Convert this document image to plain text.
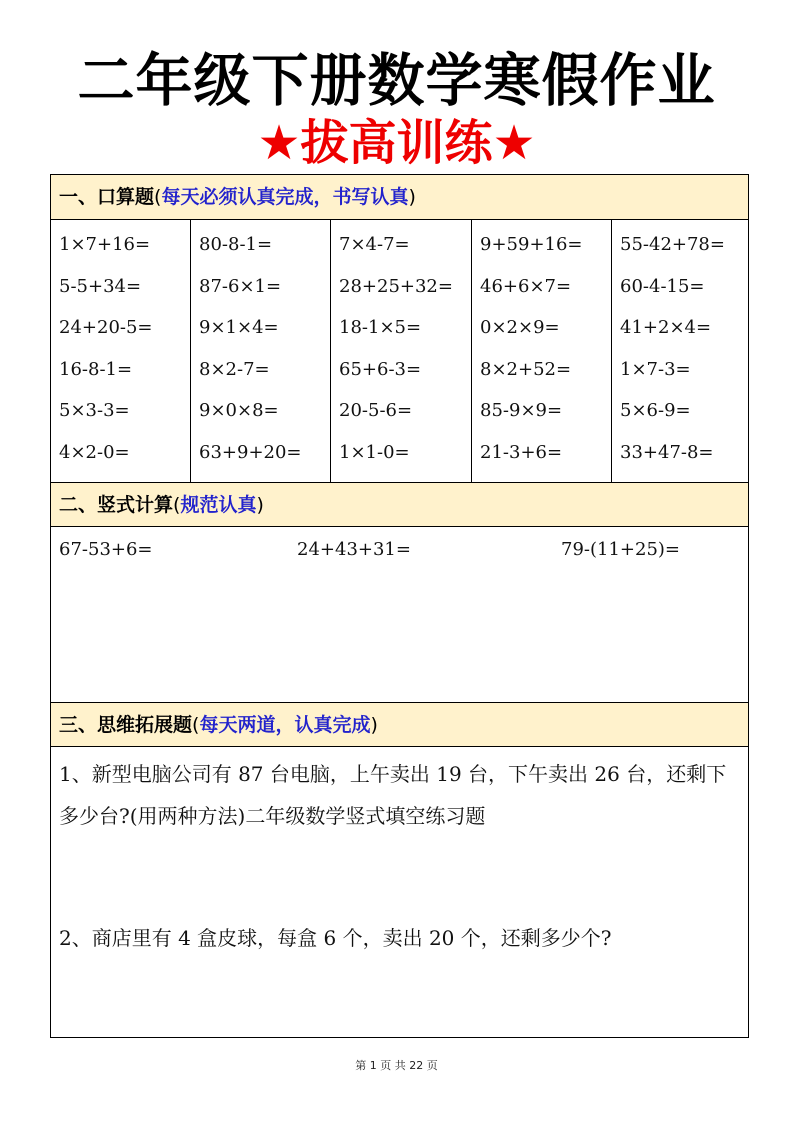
二年级下册数学寒假作业
★拔高训练★
一、口算题(每天必须认真完成，书写认真)
1×7+16=
5-5+34=
24+20-5=
16-8-1=
5×3-3=
4×2-0=
80-8-1=
87-6×1=
9×1×4=
8×2-7=
9×0×8=
63+9+20=
7×4-7=
28+25+32=
18-1×5=
65+6-3=
20-5-6=
1×1-0=
9+59+16=
46+6×7=
0×2×9=
8×2+52=
85-9×9=
21-3+6=
55-42+78=
60-4-15=
41+2×4=
1×7-3=
5×6-9=
33+47-8=
二、竖式计算(规范认真)
67-53+6=	24+43+31=	79-(11+25)=
三、思维拓展题(每天两道，认真完成)
1、新型电脑公司有 87 台电脑，上午卖出 19 台，下午卖出 26 台，还剩下多少台?(用两种方法)二年级数学竖式填空练习题
2、商店里有 4 盒皮球，每盒 6 个，卖出 20 个，还剩多少个?
第 1 页 共 22 页
